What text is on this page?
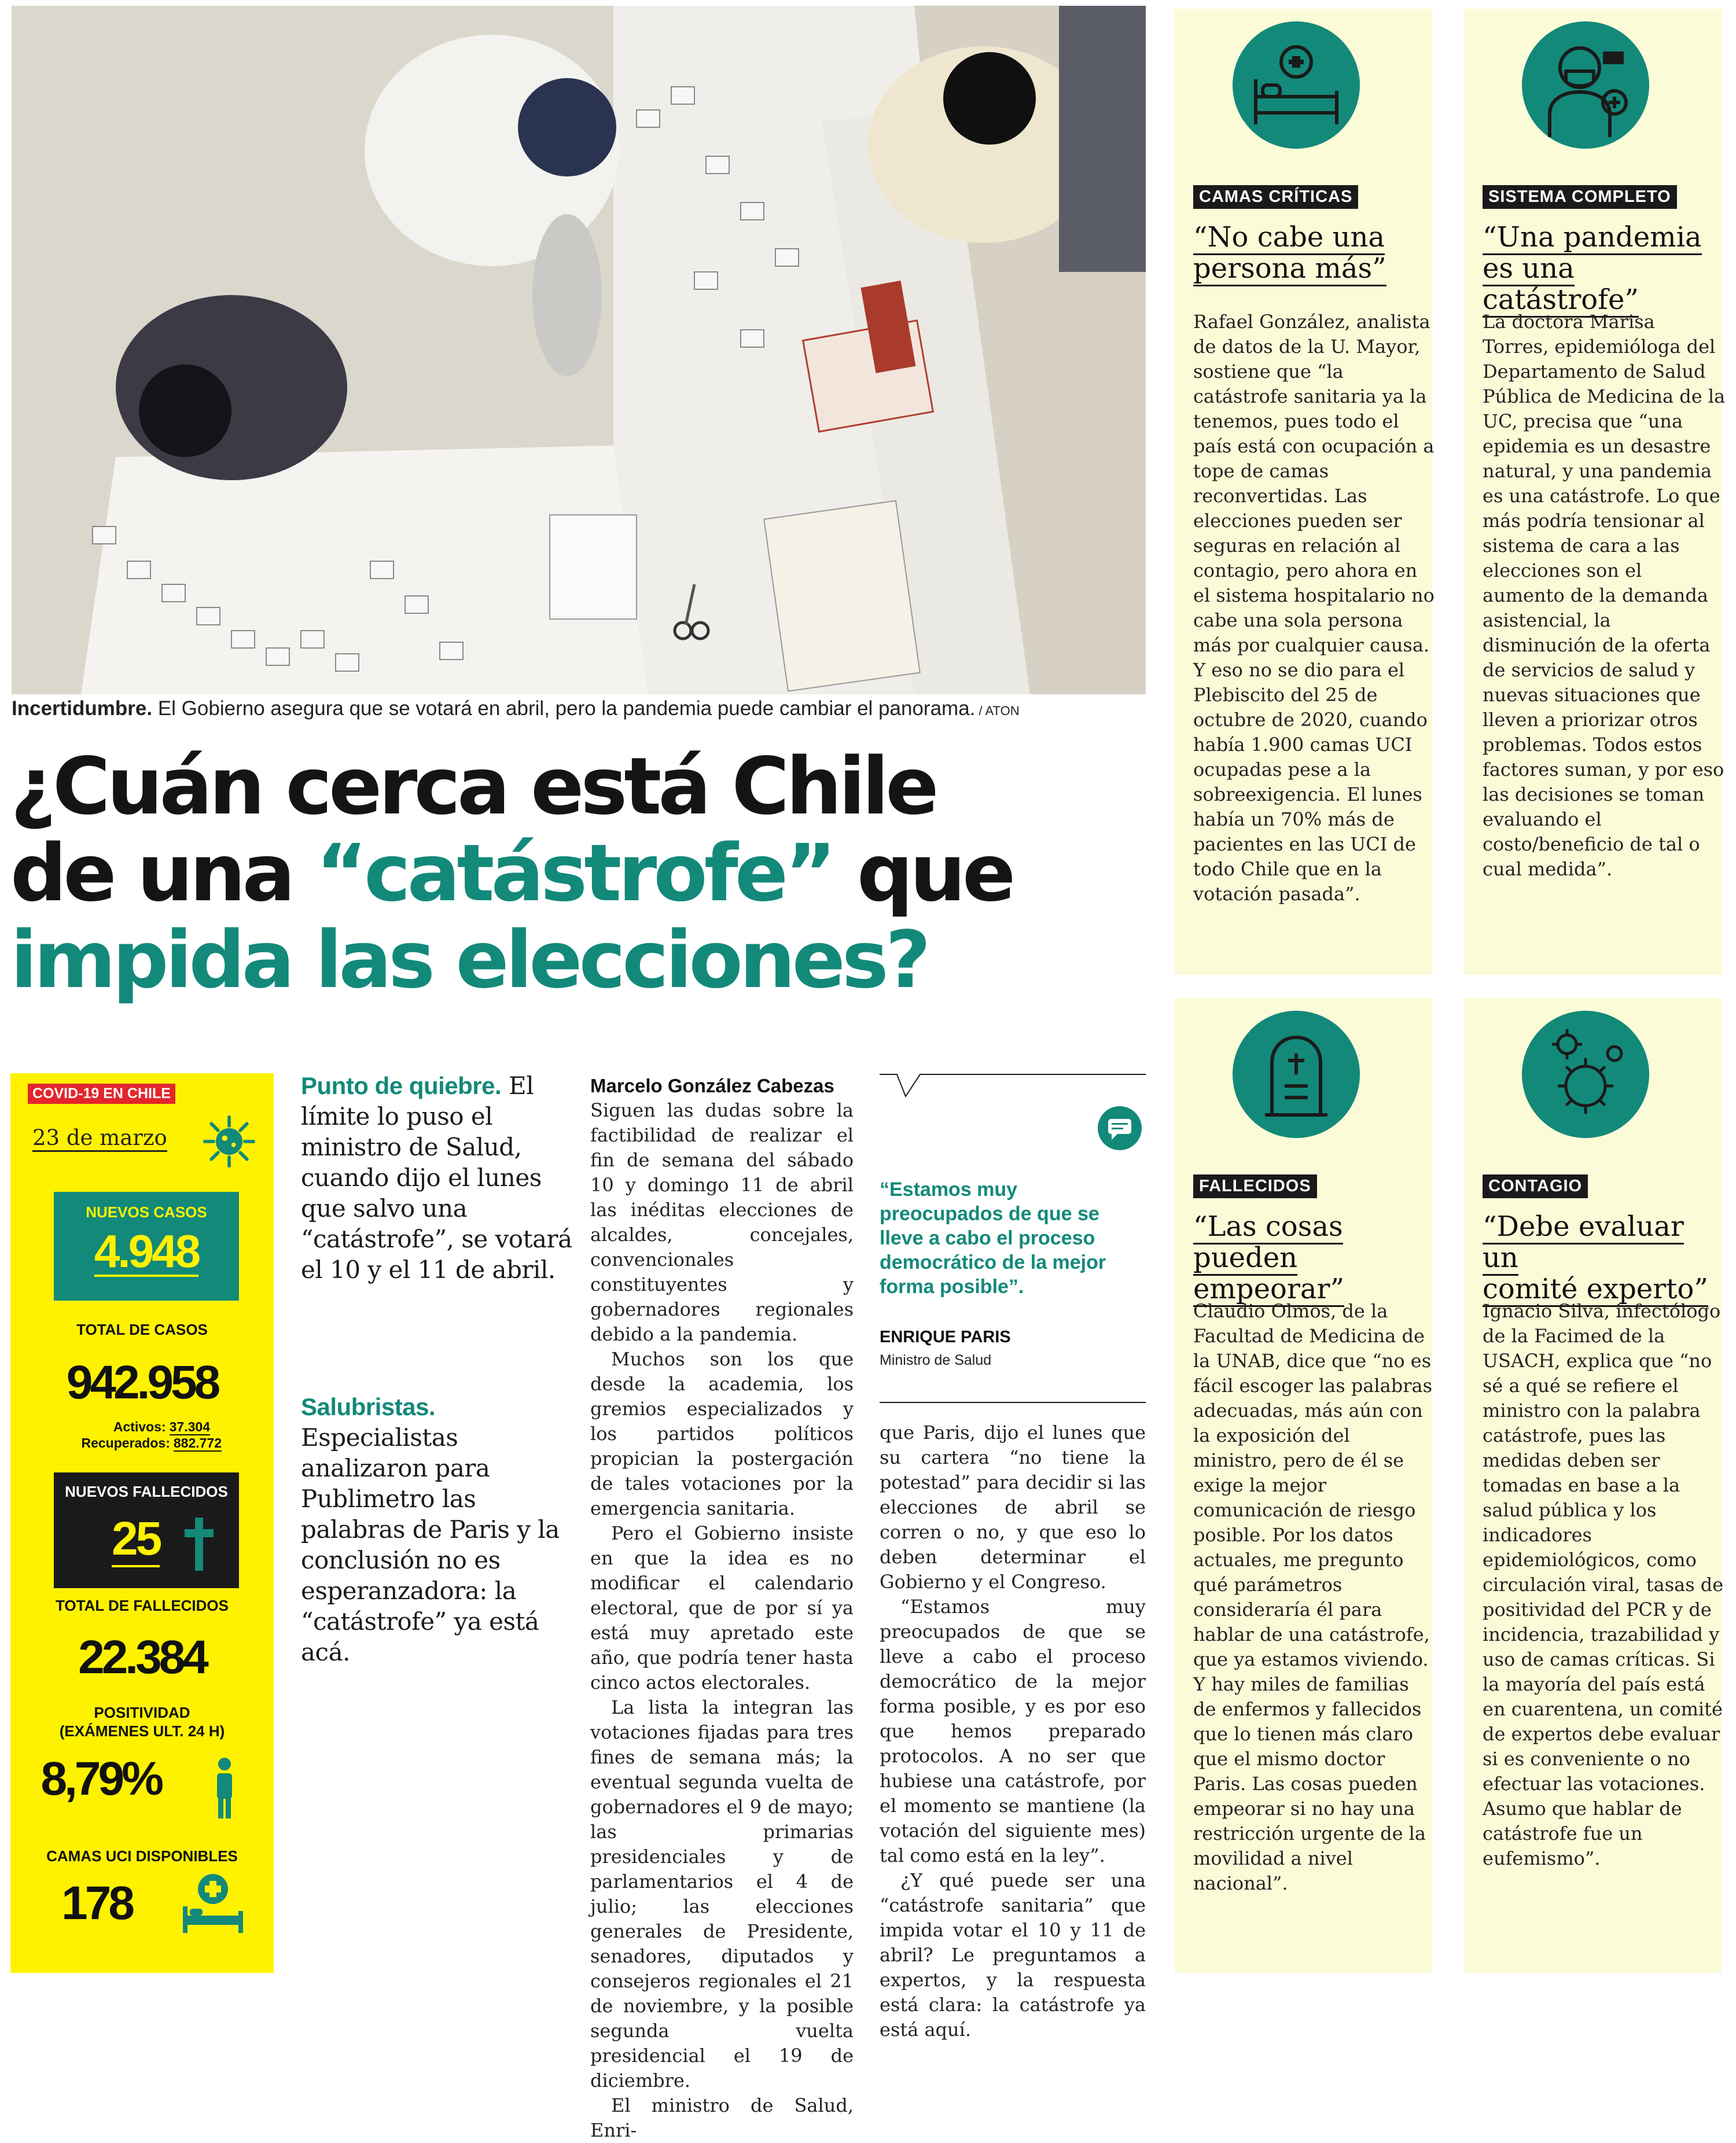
Incertidumbre. El Gobierno asegura que se votará en abril, pero la pandemia puede cambiar el panorama. / ATON
¿Cuán cerca está Chile
de una “catástrofe” que
impida las elecciones?
CAMAS CRÍTICAS
“No cabe una
persona más”
Rafael González, analista de datos de la U. Mayor, sostiene que “la catástrofe sanitaria ya la tenemos, pues todo el país está con ocupación a tope de camas reconvertidas. Las elecciones pueden ser seguras en relación al contagio, pero ahora en el sistema hospitalario no cabe una sola persona más por cualquier causa. Y eso no se dio para el Plebiscito del 25 de octubre de 2020, cuando había 1.900 camas UCI ocupadas pese a la sobreexigencia. El lunes había un 70% más de pacientes en las UCI de todo Chile que en la votación pasada”.
SISTEMA COMPLETO
“Una pandemia
es una catástrofe”
La doctora Marisa Torres, epidemióloga del Departamento de Salud Pública de Medicina de la UC, precisa que “una epidemia es un desastre natural, y una pandemia es una catástrofe. Lo que más podría tensionar al sistema de cara a las elecciones son el aumento de la demanda asistencial, la disminución de la oferta de servicios de salud y nuevas situaciones que lleven a priorizar otros problemas. Todos estos factores suman, y por eso las decisiones se toman evaluando el costo/beneficio de tal o cual medida”.
FALLECIDOS
“Las cosas
pueden empeorar”
Claudio Olmos, de la Facultad de Medicina de la UNAB, dice que “no es fácil escoger las palabras adecuadas, más aún con la exposición del ministro, pero de él se exige la mejor comunicación de riesgo posible. Por los datos actuales, me pregunto qué parámetros consideraría él para hablar de una catástrofe, que ya estamos viviendo. Y hay miles de familias de enfermos y fallecidos que lo tienen más claro que el mismo doctor Paris. Las cosas pueden empeorar si no hay una restricción urgente de la movilidad a nivel nacional”.
CONTAGIO
“Debe evaluar un
comité experto”
Ignacio Silva, infectólogo de la Facimed de la USACH, explica que “no sé a qué se refiere el ministro con la palabra catástrofe, pues las medidas deben ser tomadas en base a la salud pública y los indicadores epidemiológicos, como circulación viral, tasas de positividad del PCR y de incidencia, trazabilidad y uso de camas críticas. Si la mayoría del país está en cuarentena, un comité de expertos debe evaluar si es conveniente o no efectuar las votaciones. Asumo que hablar de catástrofe fue un eufemismo”.
COVID-19 EN CHILE
23 de marzo
NUEVOS CASOS
4.948
TOTAL DE CASOS
942.958
Activos: 37.304
Recuperados: 882.772
NUEVOS FALLECIDOS
25
TOTAL DE FALLECIDOS
22.384
POSITIVIDAD
(EXÁMENES ULT. 24 H)
8,79%
CAMAS UCI DISPONIBLES
178
Punto de quiebre. El límite lo puso el ministro de Salud, cuando dijo el lunes que salvo una “catástrofe”, se votará el 10 y el 11 de abril.
Salubristas. Especialistas analizaron para Publimetro las palabras de Paris y la conclusión no es esperanzadora: la “catástrofe” ya está acá.
Marcelo González Cabezas
Siguen las dudas sobre la factibilidad de realizar el fin de semana del sábado 10 y domingo 11 de abril las inéditas elecciones de alcaldes, concejales, convencionales constituyentes y gobernadores regionales debido a la pandemia.
Muchos son los que desde la academia, los gremios especializados y los partidos políticos propician la postergación de tales votaciones por la emergencia sanitaria.
Pero el Gobierno insiste en que la idea es no modificar el calendario electoral, que de por sí ya está muy apretado este año, que podría tener hasta cinco actos electorales.
La lista la integran las votaciones fijadas para tres fines de semana más; la eventual segunda vuelta de gobernadores el 9 de mayo; las primarias presidenciales y de parlamentarios el 4 de julio; las elecciones generales de Presidente, senadores, diputados y consejeros regionales el 21 de noviembre, y la posible segunda vuelta presidencial el 19 de diciembre.
El ministro de Salud, Enri-
“Estamos muy preocupados de que se lleve a cabo el proceso democrático de la mejor forma posible”.
ENRIQUE PARIS
Ministro de Salud
que Paris, dijo el lunes que su cartera “no tiene la potestad” para decidir si las elecciones de abril se corren o no, y que eso lo deben determinar el Gobierno y el Congreso.
“Estamos muy preocupados de que se lleve a cabo el proceso democrático de la mejor forma posible, y es por eso que hemos preparado protocolos. A no ser que hubiese una catástrofe, por el momento se mantiene (la votación del siguiente mes) tal como está en la ley”.
¿Y qué puede ser una “catástrofe sanitaria” que impida votar el 10 y 11 de abril? Le preguntamos a expertos, y la respuesta está clara: la catástrofe ya está aquí.
